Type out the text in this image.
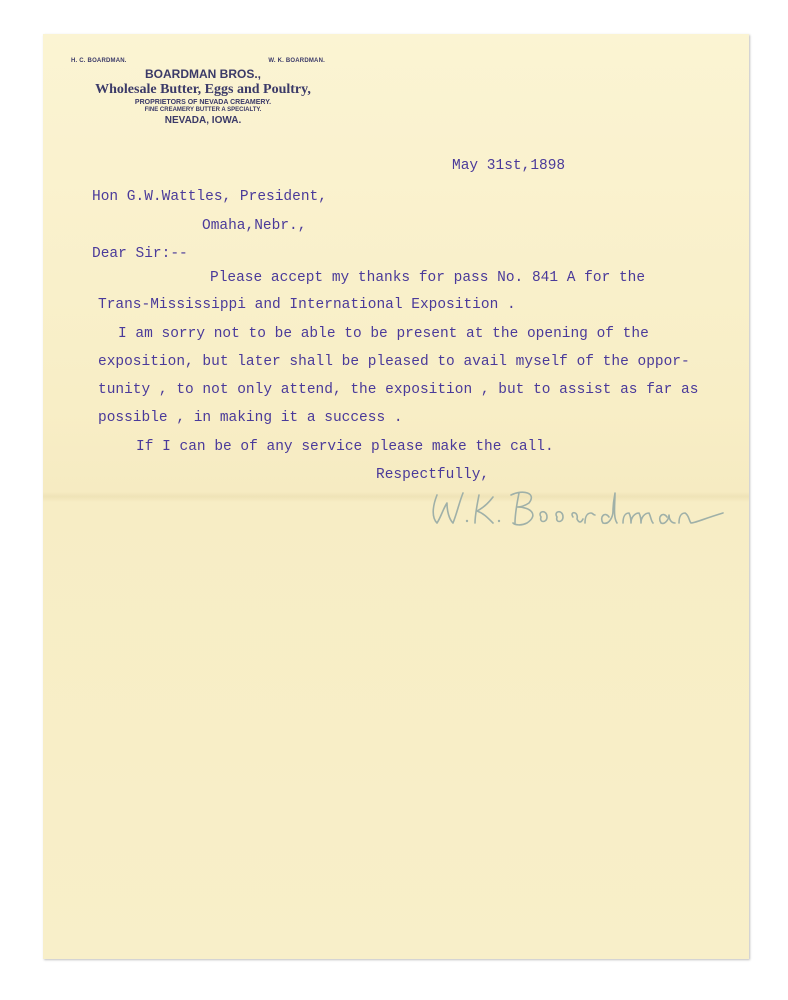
H. C. BOARDMAN.	W. K. BOARDMAN.
BOARDMAN BROS.,
Wholesale Butter, Eggs and Poultry,
PROPRIETORS OF NEVADA CREAMERY.
FINE CREAMERY BUTTER A SPECIALTY.
NEVADA, IOWA.
May 31st,1898
Hon G.W.Wattles, President,
Omaha,Nebr.,
Dear Sir:--
Please accept my thanks for pass No. 841 A for the
Trans-Mississippi and International Exposition .
I am sorry not to be able to be present at the opening of the
exposition, but later shall be pleased to avail myself of the oppor-
tunity , to not only attend, the exposition , but to assist as far as
possible , in making it a success .
If I can be of any service please make the call.
Respectfully,
